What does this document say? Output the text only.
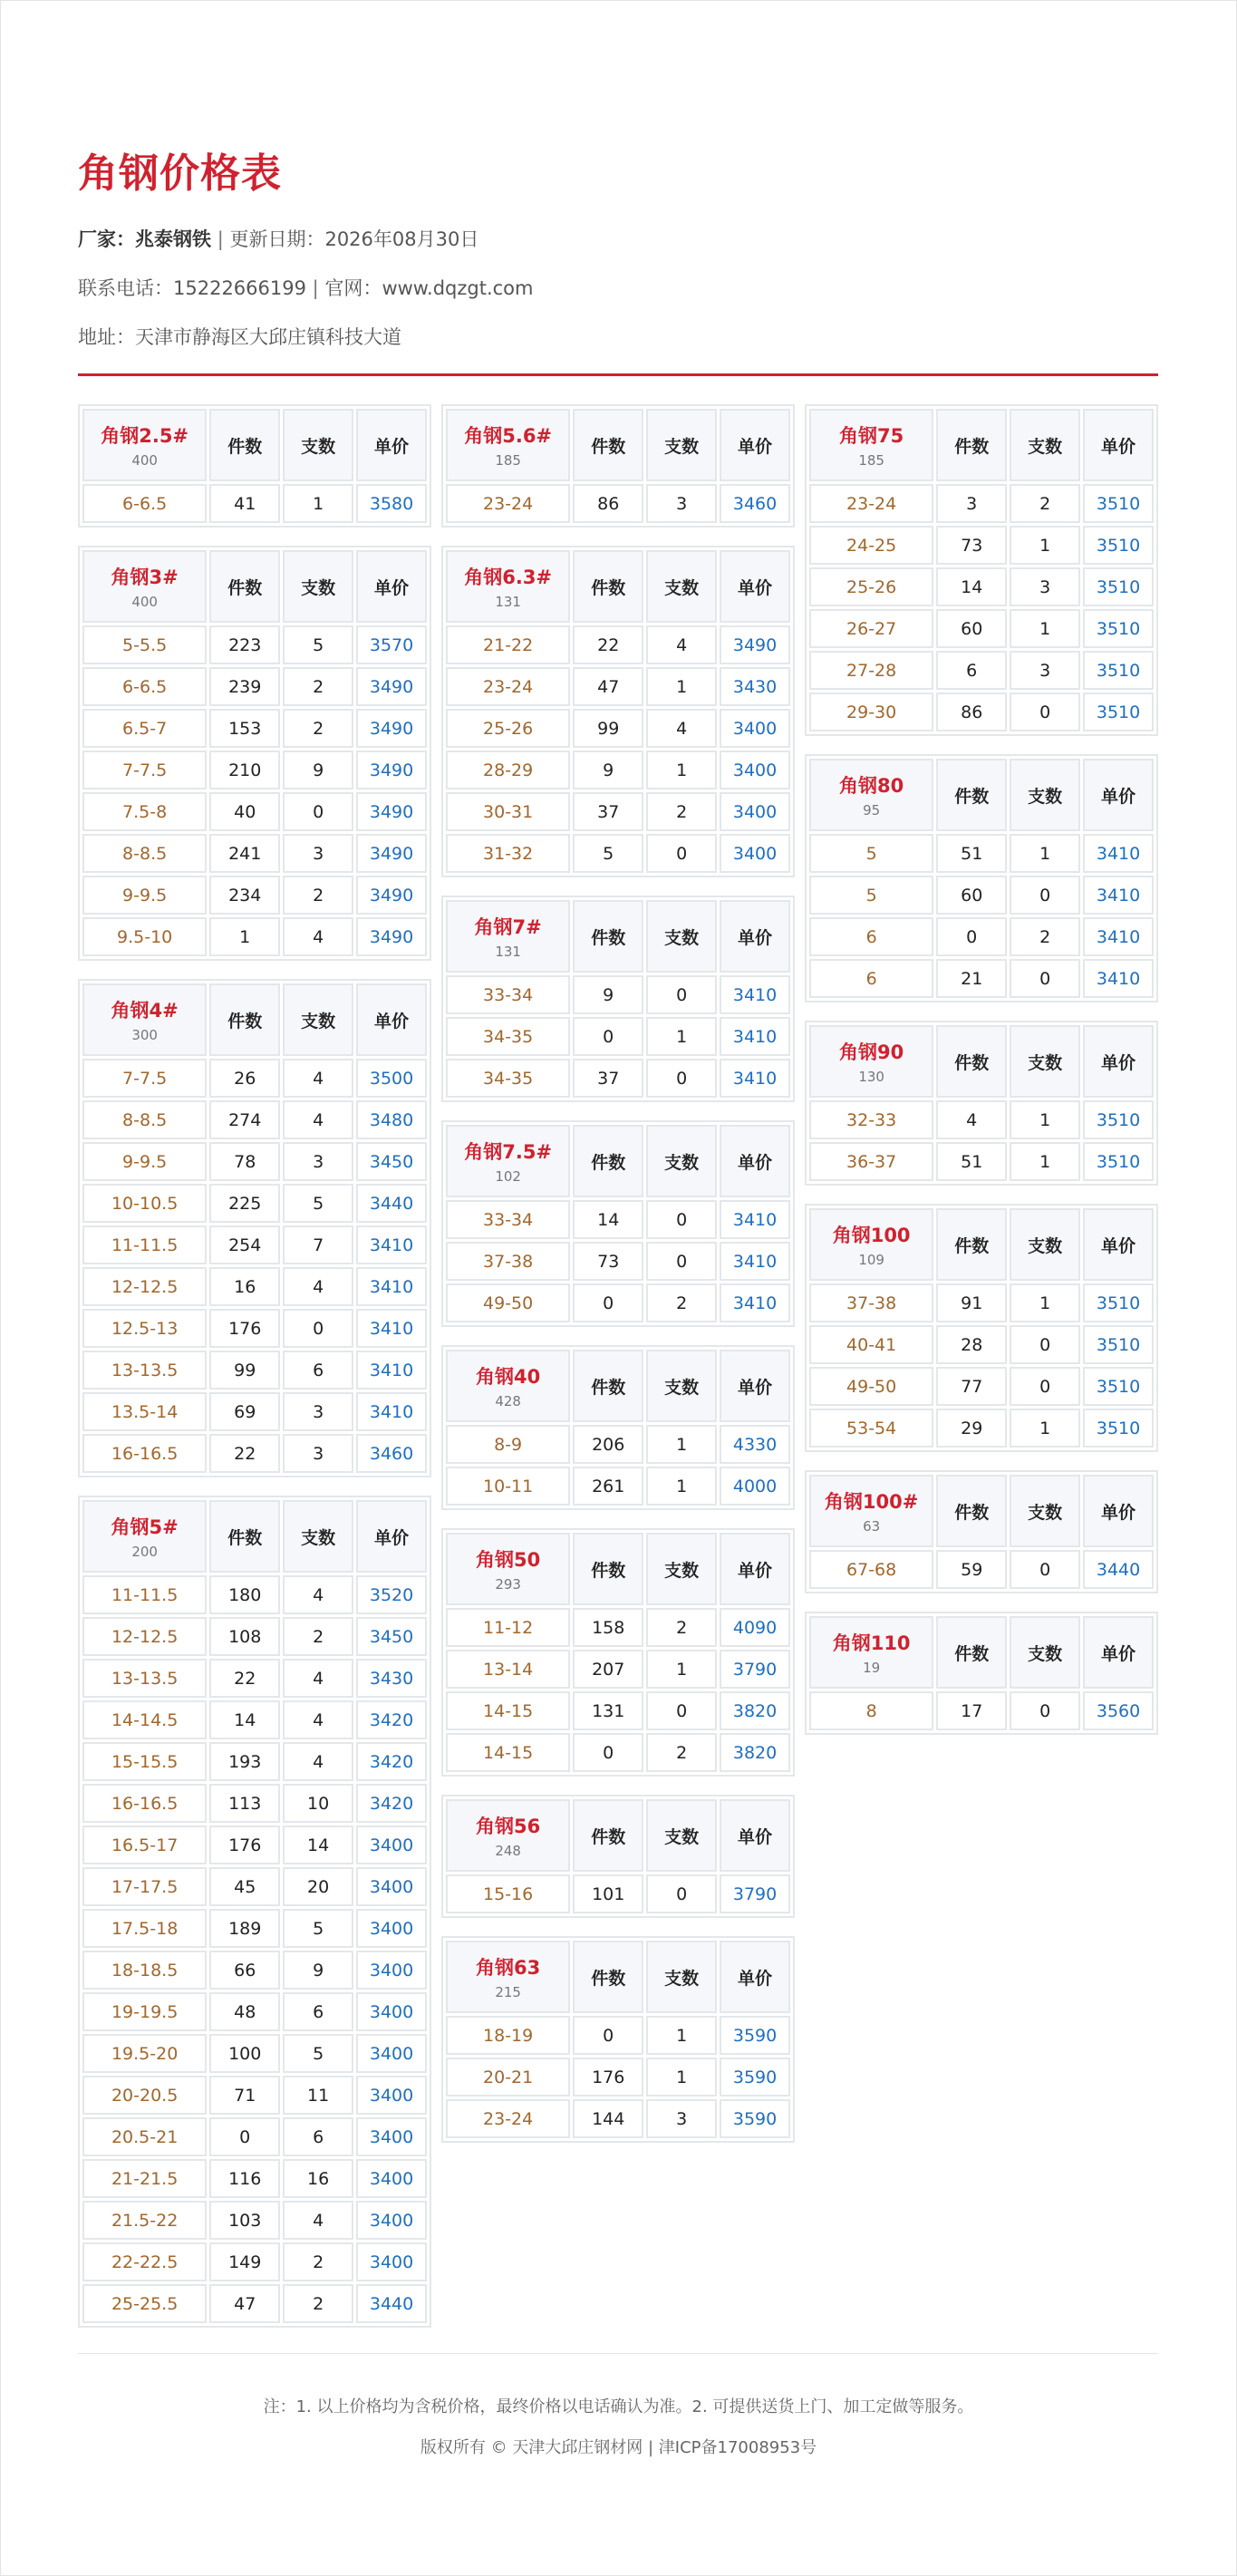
角钢价格表
厂家：兆泰钢铁 | 更新日期：2026年08月30日
联系电话：15222666199 | 官网：www.dqzgt.com
地址：天津市静海区大邱庄镇科技大道
角钢2.5#
400	件数	支数	单价
6-6.5	41	1	3580
角钢3#
400	件数	支数	单价
5-5.5	223	5	3570
6-6.5	239	2	3490
6.5-7	153	2	3490
7-7.5	210	9	3490
7.5-8	40	0	3490
8-8.5	241	3	3490
9-9.5	234	2	3490
9.5-10	1	4	3490
角钢4#
300	件数	支数	单价
7-7.5	26	4	3500
8-8.5	274	4	3480
9-9.5	78	3	3450
10-10.5	225	5	3440
11-11.5	254	7	3410
12-12.5	16	4	3410
12.5-13	176	0	3410
13-13.5	99	6	3410
13.5-14	69	3	3410
16-16.5	22	3	3460
角钢5#
200	件数	支数	单价
11-11.5	180	4	3520
12-12.5	108	2	3450
13-13.5	22	4	3430
14-14.5	14	4	3420
15-15.5	193	4	3420
16-16.5	113	10	3420
16.5-17	176	14	3400
17-17.5	45	20	3400
17.5-18	189	5	3400
18-18.5	66	9	3400
19-19.5	48	6	3400
19.5-20	100	5	3400
20-20.5	71	11	3400
20.5-21	0	6	3400
21-21.5	116	16	3400
21.5-22	103	4	3400
22-22.5	149	2	3400
25-25.5	47	2	3440
角钢5.6#
185	件数	支数	单价
23-24	86	3	3460
角钢6.3#
131	件数	支数	单价
21-22	22	4	3490
23-24	47	1	3430
25-26	99	4	3400
28-29	9	1	3400
30-31	37	2	3400
31-32	5	0	3400
角钢7#
131	件数	支数	单价
33-34	9	0	3410
34-35	0	1	3410
34-35	37	0	3410
角钢7.5#
102	件数	支数	单价
33-34	14	0	3410
37-38	73	0	3410
49-50	0	2	3410
角钢40
428	件数	支数	单价
8-9	206	1	4330
10-11	261	1	4000
角钢50
293	件数	支数	单价
11-12	158	2	4090
13-14	207	1	3790
14-15	131	0	3820
14-15	0	2	3820
角钢56
248	件数	支数	单价
15-16	101	0	3790
角钢63
215	件数	支数	单价
18-19	0	1	3590
20-21	176	1	3590
23-24	144	3	3590
角钢75
185	件数	支数	单价
23-24	3	2	3510
24-25	73	1	3510
25-26	14	3	3510
26-27	60	1	3510
27-28	6	3	3510
29-30	86	0	3510
角钢80
95	件数	支数	单价
5	51	1	3410
5	60	0	3410
6	0	2	3410
6	21	0	3410
角钢90
130	件数	支数	单价
32-33	4	1	3510
36-37	51	1	3510
角钢100
109	件数	支数	单价
37-38	91	1	3510
40-41	28	0	3510
49-50	77	0	3510
53-54	29	1	3510
角钢100#
63	件数	支数	单价
67-68	59	0	3440
角钢110
19	件数	支数	单价
8	17	0	3560
注：1. 以上价格均为含税价格，最终价格以电话确认为准。2. 可提供送货上门、加工定做等服务。
版权所有 © 天津大邱庄钢材网 | 津ICP备17008953号
